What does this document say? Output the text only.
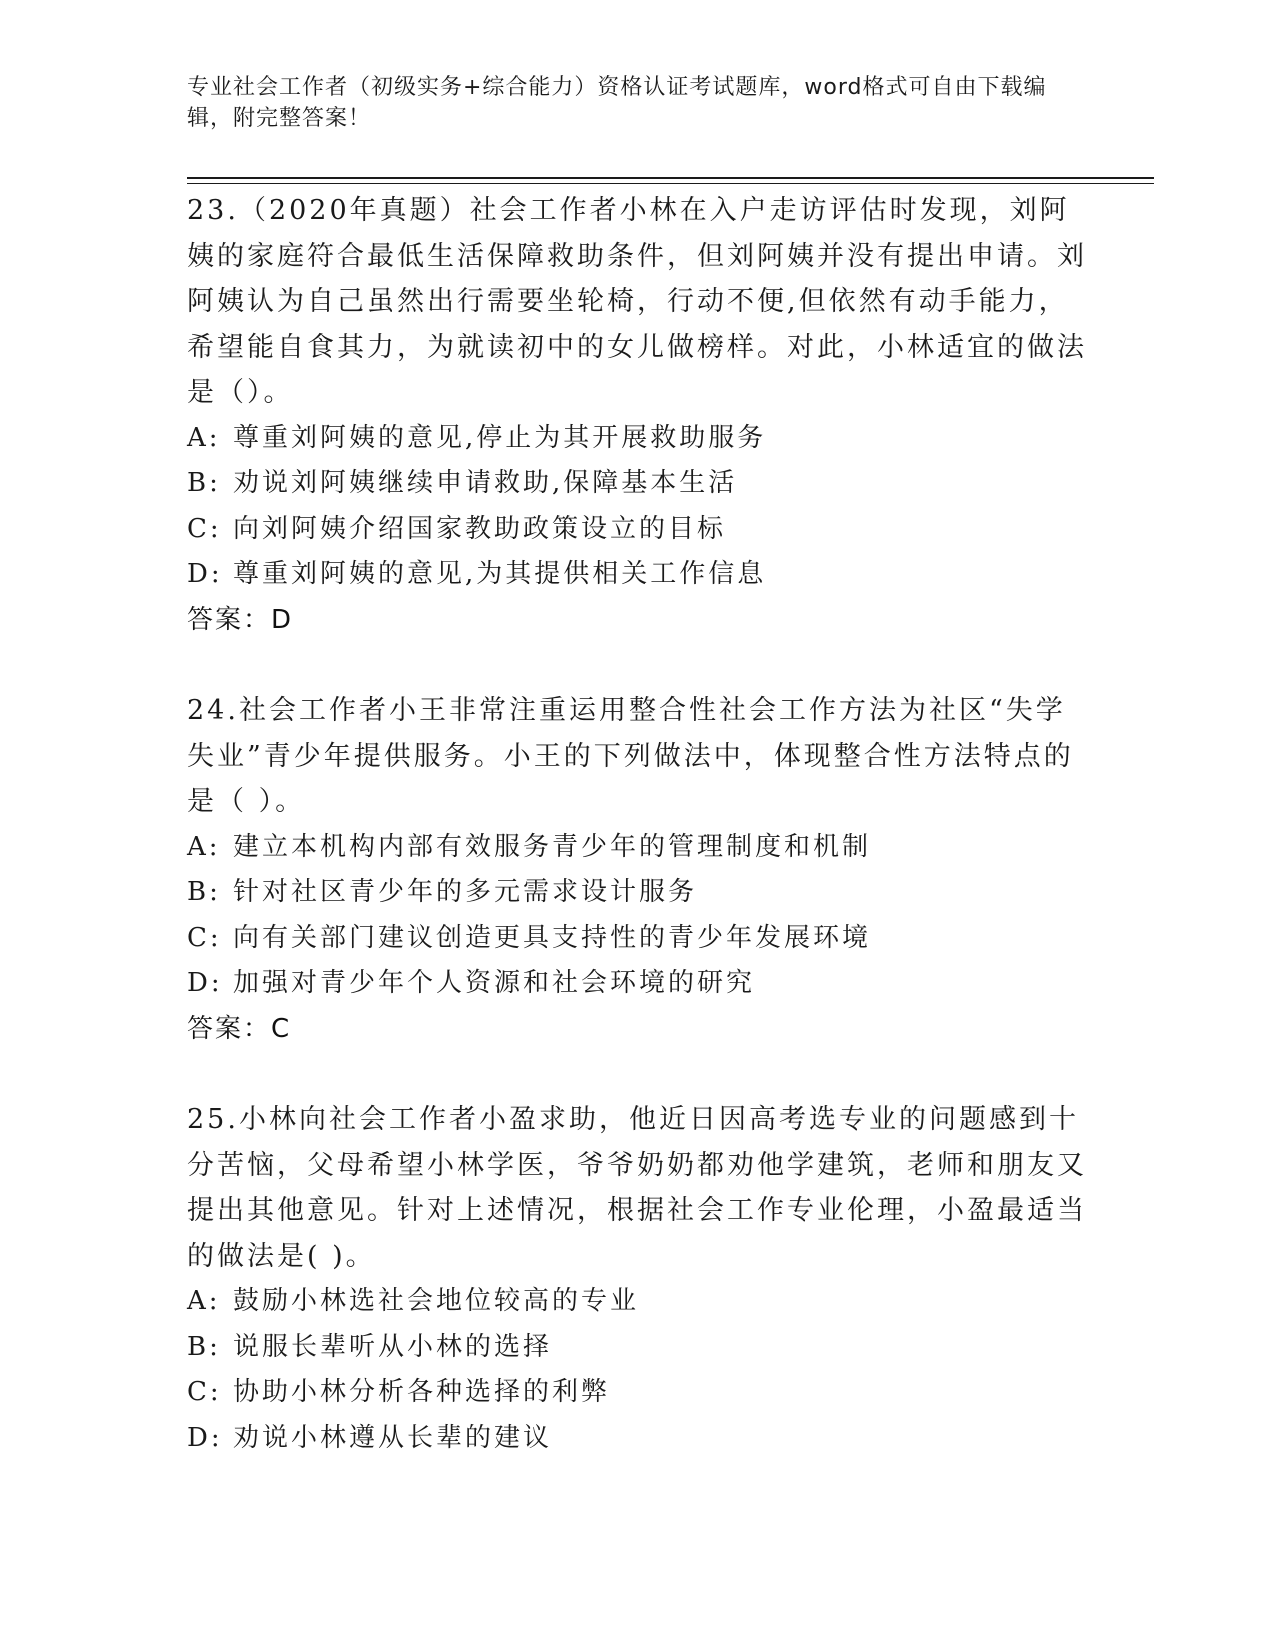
专业社会工作者（初级实务+综合能力）资格认证考试题库，word格式可自由下载编辑，附完整答案！
23.（2020年真题）社会工作者小林在入户走访评估时发现，刘阿姨的家庭符合最低生活保障救助条件，但刘阿姨并没有提出申请。刘阿姨认为自己虽然出行需要坐轮椅，行动不便,但依然有动手能力，希望能自食其力，为就读初中的女儿做榜样。对此，小林适宜的做法是（）。
A: 尊重刘阿姨的意见,停止为其开展救助服务
B: 劝说刘阿姨继续申请救助,保障基本生活
C: 向刘阿姨介绍国家教助政策设立的目标
D: 尊重刘阿姨的意见,为其提供相关工作信息
答案：D
24.社会工作者小王非常注重运用整合性社会工作方法为社区“失学失业”青少年提供服务。小王的下列做法中，体现整合性方法特点的是（ ）。
A: 建立本机构内部有效服务青少年的管理制度和机制
B: 针对社区青少年的多元需求设计服务
C: 向有关部门建议创造更具支持性的青少年发展环境
D: 加强对青少年个人资源和社会环境的研究
答案：C
25.小林向社会工作者小盈求助，他近日因高考选专业的问题感到十分苦恼，父母希望小林学医，爷爷奶奶都劝他学建筑，老师和朋友又提出其他意见。针对上述情况，根据社会工作专业伦理，小盈最适当的做法是( )。
A: 鼓励小林选社会地位较高的专业
B: 说服长辈听从小林的选择
C: 协助小林分析各种选择的利弊
D: 劝说小林遵从长辈的建议
